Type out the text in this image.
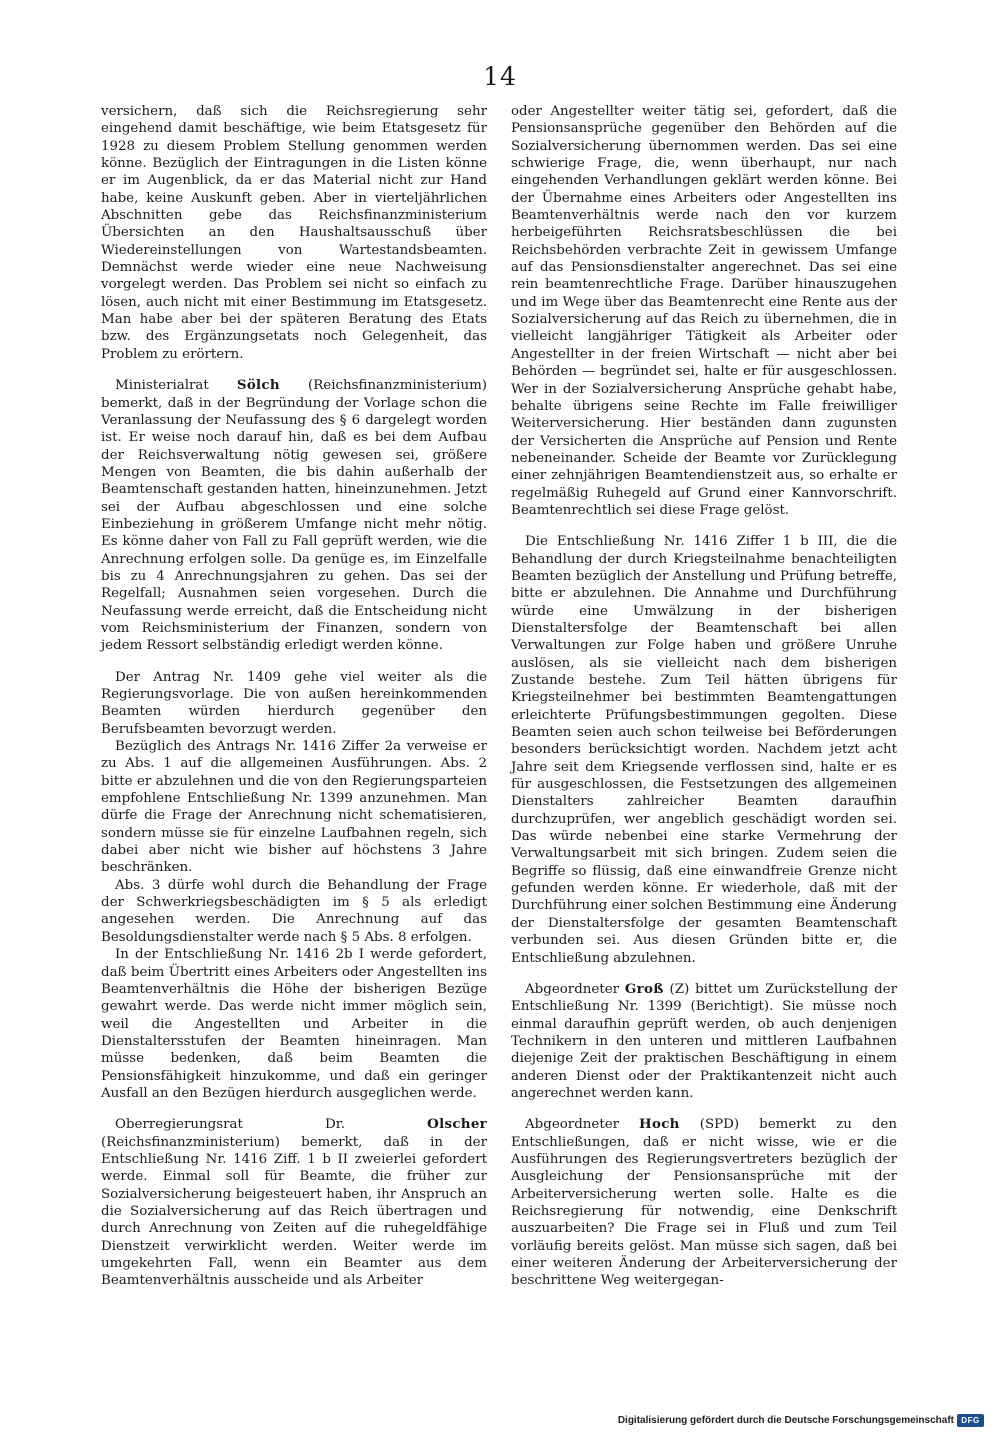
14

versichern, daß sich die Reichsregierung sehr eingehend damit beschäftige, wie beim Etatsgesetz für 1928 zu diesem Problem Stellung genommen werden könne. Bezüglich der Eintragungen in die Listen könne er im Augenblick, da er das Material nicht zur Hand habe, keine Auskunft geben. Aber in vierteljährlichen Abschnitten gebe das Reichsfinanzministerium Übersichten an den Haushaltsausschuß über Wiedereinstellungen von Wartestandsbeamten. Demnächst werde wieder eine neue Nachweisung vorgelegt werden. Das Problem sei nicht so einfach zu lösen, auch nicht mit einer Bestimmung im Etatsgesetz. Man habe aber bei der späteren Beratung des Etats bzw. des Ergänzungsetats noch Gelegenheit, das Problem zu erörtern.

Ministerialrat Sölch (Reichsfinanzministerium) bemerkt, daß in der Begründung der Vorlage schon die Veranlassung der Neufassung des § 6 dargelegt worden ist. Er weise noch darauf hin, daß es bei dem Aufbau der Reichsverwaltung nötig gewesen sei, größere Mengen von Beamten, die bis dahin außerhalb der Beamtenschaft gestanden hatten, hineinzunehmen. Jetzt sei der Aufbau abgeschlossen und eine solche Einbeziehung in größerem Umfange nicht mehr nötig. Es könne daher von Fall zu Fall geprüft werden, wie die Anrechnung erfolgen solle. Da genüge es, im Einzelfalle bis zu 4 Anrechnungsjahren zu gehen. Das sei der Regelfall; Ausnahmen seien vorgesehen. Durch die Neufassung werde erreicht, daß die Entscheidung nicht vom Reichsministerium der Finanzen, sondern von jedem Ressort selbständig erledigt werden könne.

Der Antrag Nr. 1409 gehe viel weiter als die Regierungsvorlage. Die von außen hereinkommenden Beamten würden hierdurch gegenüber den Berufsbeamten bevorzugt werden.

Bezüglich des Antrags Nr. 1416 Ziffer 2a verweise er zu Abs. 1 auf die allgemeinen Ausführungen. Abs. 2 bitte er abzulehnen und die von den Regierungsparteien empfohlene Entschließung Nr. 1399 anzunehmen. Man dürfe die Frage der Anrechnung nicht schematisieren, sondern müsse sie für einzelne Laufbahnen regeln, sich dabei aber nicht wie bisher auf höchstens 3 Jahre beschränken.

Abs. 3 dürfe wohl durch die Behandlung der Frage der Schwerkriegsbeschädigten im § 5 als erledigt angesehen werden. Die Anrechnung auf das Besoldungsdienstalter werde nach § 5 Abs. 8 erfolgen.

In der Entschließung Nr. 1416 2b I werde gefordert, daß beim Übertritt eines Arbeiters oder Angestellten ins Beamtenverhältnis die Höhe der bisherigen Bezüge gewahrt werde. Das werde nicht immer möglich sein, weil die Angestellten und Arbeiter in die Dienstaltersstufen der Beamten hineinragen. Man müsse bedenken, daß beim Beamten die Pensionsfähigkeit hinzukomme, und daß ein geringer Ausfall an den Bezügen hierdurch ausgeglichen werde.

Oberregierungsrat Dr. Olscher (Reichsfinanzministerium) bemerkt, daß in der Entschließung Nr. 1416 Ziff. 1 b II zweierlei gefordert werde. Einmal soll für Beamte, die früher zur Sozialversicherung beigesteuert haben, ihr Anspruch an die Sozialversicherung auf das Reich übertragen und durch Anrechnung von Zeiten auf die ruhegeldfähige Dienstzeit verwirklicht werden. Weiter werde im umgekehrten Fall, wenn ein Beamter aus dem Beamtenverhältnis ausscheide und als Arbeiter

oder Angestellter weiter tätig sei, gefordert, daß die Pensionsansprüche gegenüber den Behörden auf die Sozialversicherung übernommen werden. Das sei eine schwierige Frage, die, wenn überhaupt, nur nach eingehenden Verhandlungen geklärt werden könne. Bei der Übernahme eines Arbeiters oder Angestellten ins Beamtenverhältnis werde nach den vor kurzem herbeigeführten Reichsratsbeschlüssen die bei Reichsbehörden verbrachte Zeit in gewissem Umfange auf das Pensionsdienstalter angerechnet. Das sei eine rein beamtenrechtliche Frage. Darüber hinauszugehen und im Wege über das Beamtenrecht eine Rente aus der Sozialversicherung auf das Reich zu übernehmen, die in vielleicht langjähriger Tätigkeit als Arbeiter oder Angestellter in der freien Wirtschaft — nicht aber bei Behörden — begründet sei, halte er für ausgeschlossen. Wer in der Sozialversicherung Ansprüche gehabt habe, behalte übrigens seine Rechte im Falle freiwilliger Weiterversicherung. Hier beständen dann zugunsten der Versicherten die Ansprüche auf Pension und Rente nebeneinander. Scheide der Beamte vor Zurücklegung einer zehnjährigen Beamtendienstzeit aus, so erhalte er regelmäßig Ruhegeld auf Grund einer Kannvorschrift. Beamtenrechtlich sei diese Frage gelöst.

Die Entschließung Nr. 1416 Ziffer 1 b III, die die Behandlung der durch Kriegsteilnahme benachteiligten Beamten bezüglich der Anstellung und Prüfung betreffe, bitte er abzulehnen. Die Annahme und Durchführung würde eine Umwälzung in der bisherigen Dienstaltersfolge der Beamtenschaft bei allen Verwaltungen zur Folge haben und größere Unruhe auslösen, als sie vielleicht nach dem bisherigen Zustande bestehe. Zum Teil hätten übrigens für Kriegsteilnehmer bei bestimmten Beamtengattungen erleichterte Prüfungsbestimmungen gegolten. Diese Beamten seien auch schon teilweise bei Beförderungen besonders berücksichtigt worden. Nachdem jetzt acht Jahre seit dem Kriegsende verflossen sind, halte er es für ausgeschlossen, die Festsetzungen des allgemeinen Dienstalters zahlreicher Beamten daraufhin durchzuprüfen, wer angeblich geschädigt worden sei. Das würde nebenbei eine starke Vermehrung der Verwaltungsarbeit mit sich bringen. Zudem seien die Begriffe so flüssig, daß eine einwandfreie Grenze nicht gefunden werden könne. Er wiederhole, daß mit der Durchführung einer solchen Bestimmung eine Änderung der Dienstaltersfolge der gesamten Beamtenschaft verbunden sei. Aus diesen Gründen bitte er, die Entschließung abzulehnen.

Abgeordneter Groß (Z) bittet um Zurückstellung der Entschließung Nr. 1399 (Berichtigt). Sie müsse noch einmal daraufhin geprüft werden, ob auch denjenigen Technikern in den unteren und mittleren Laufbahnen diejenige Zeit der praktischen Beschäftigung in einem anderen Dienst oder der Praktikantenzeit nicht auch angerechnet werden kann.

Abgeordneter Hoch (SPD) bemerkt zu den Entschließungen, daß er nicht wisse, wie er die Ausführungen des Regierungsvertreters bezüglich der Ausgleichung der Pensionsansprüche mit der Arbeiterversicherung werten solle. Halte es die Reichsregierung für notwendig, eine Denkschrift auszuarbeiten? Die Frage sei in Fluß und zum Teil vorläufig bereits gelöst. Man müsse sich sagen, daß bei einer weiteren Änderung der Arbeiterversicherung der beschrittene Weg weitergegan-

Digitalisierung gefördert durch die Deutsche Forschungsgemeinschaft DFG
